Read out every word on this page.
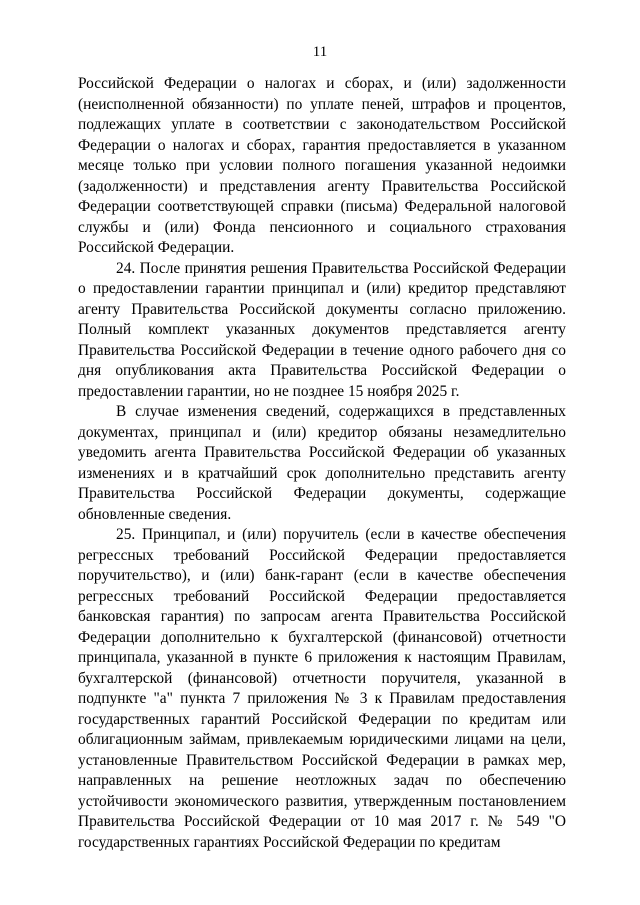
11

Российской Федерации о налогах и сборах, и (или) задолженности (неисполненной обязанности) по уплате пеней, штрафов и процентов, подлежащих уплате в соответствии с законодательством Российской Федерации о налогах и сборах, гарантия предоставляется в указанном месяце только при условии полного погашения указанной недоимки (задолженности) и представления агенту Правительства Российской Федерации соответствующей справки (письма) Федеральной налоговой службы и (или) Фонда пенсионного и социального страхования Российской Федерации.

24. После принятия решения Правительства Российской Федерации о предоставлении гарантии принципал и (или) кредитор представляют агенту Правительства Российской документы согласно приложению. Полный комплект указанных документов представляется агенту Правительства Российской Федерации в течение одного рабочего дня со дня опубликования акта Правительства Российской Федерации о предоставлении гарантии, но не позднее 15 ноября 2025 г.

В случае изменения сведений, содержащихся в представленных документах, принципал и (или) кредитор обязаны незамедлительно уведомить агента Правительства Российской Федерации об указанных изменениях и в кратчайший срок дополнительно представить агенту Правительства Российской Федерации документы, содержащие обновленные сведения.

25. Принципал, и (или) поручитель (если в качестве обеспечения регрессных требований Российской Федерации предоставляется поручительство), и (или) банк-гарант (если в качестве обеспечения регрессных требований Российской Федерации предоставляется банковская гарантия) по запросам агента Правительства Российской Федерации дополнительно к бухгалтерской (финансовой) отчетности принципала, указанной в пункте 6 приложения к настоящим Правилам, бухгалтерской (финансовой) отчетности поручителя, указанной в подпункте "а" пункта 7 приложения № 3 к Правилам предоставления государственных гарантий Российской Федерации по кредитам или облигационным займам, привлекаемым юридическими лицами на цели, установленные Правительством Российской Федерации в рамках мер, направленных на решение неотложных задач по обеспечению устойчивости экономического развития, утвержденным постановлением Правительства Российской Федерации от 10 мая 2017 г. № 549 "О государственных гарантиях Российской Федерации по кредитам
